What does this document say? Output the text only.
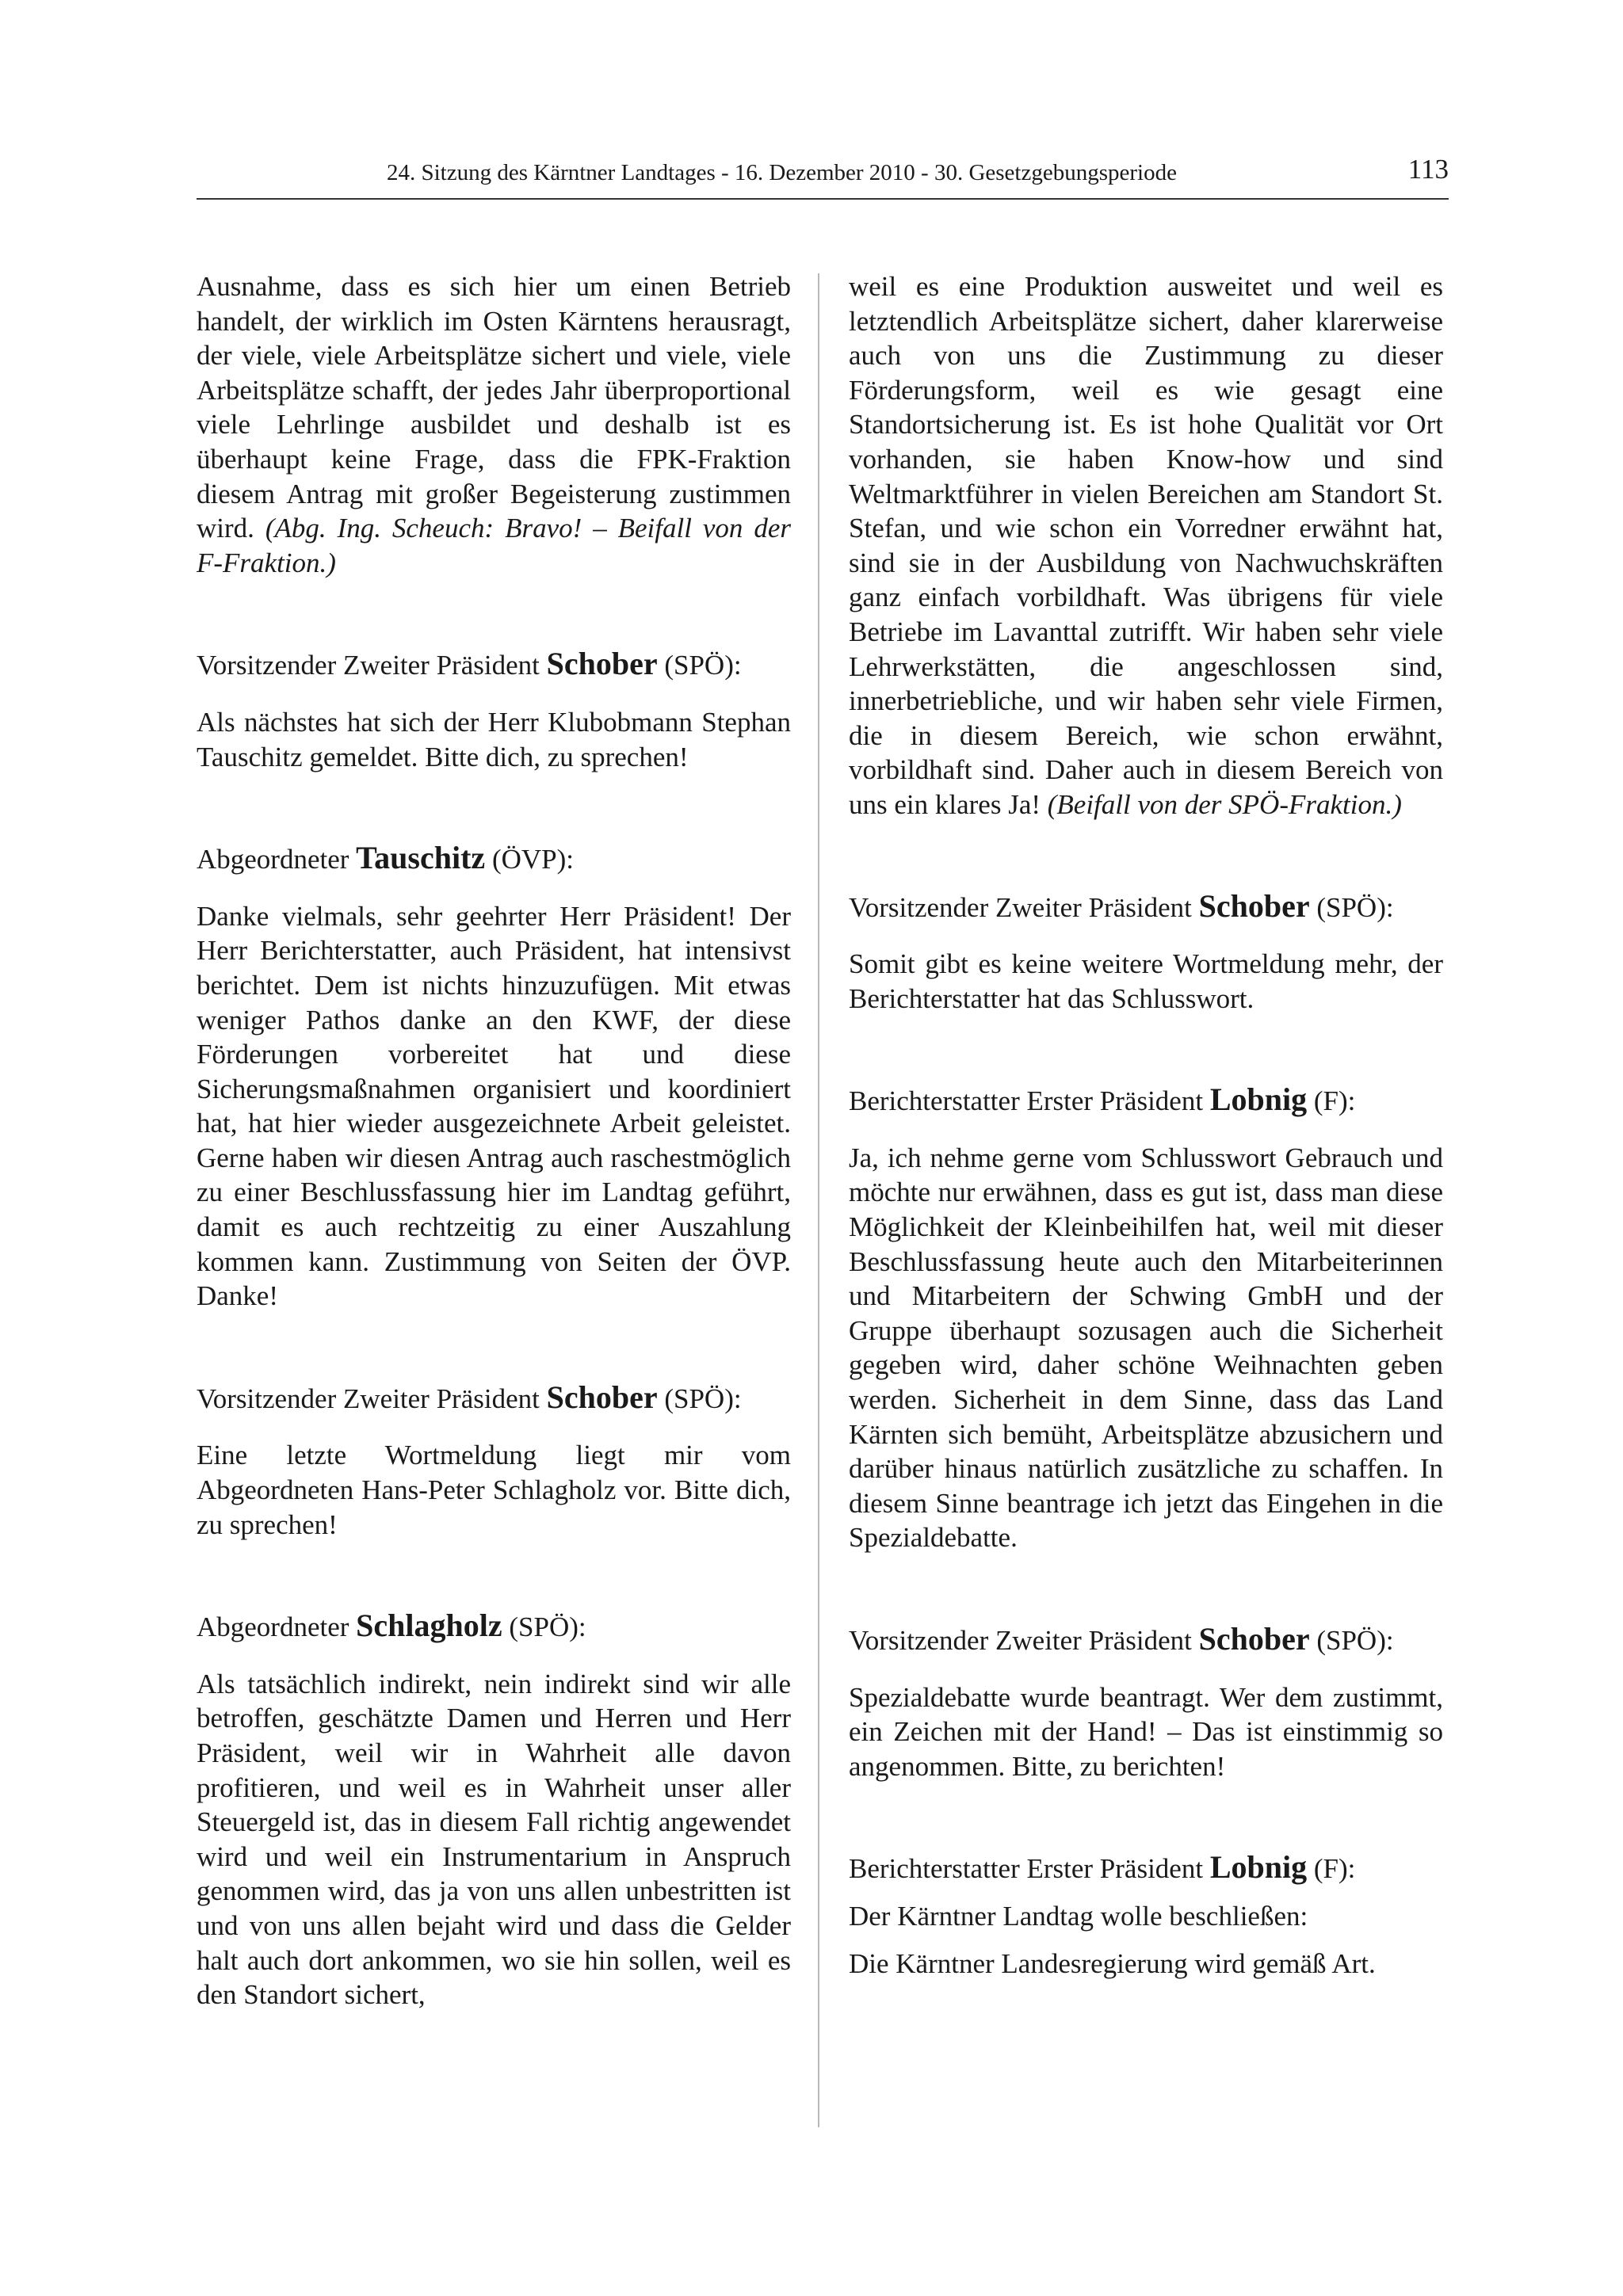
24. Sitzung des Kärntner Landtages - 16. Dezember 2010 - 30. Gesetzgebungsperiode	113

Ausnahme, dass es sich hier um einen Betrieb handelt, der wirklich im Osten Kärntens herausragt, der viele, viele Arbeitsplätze sichert und viele, viele Arbeitsplätze schafft, der jedes Jahr überproportional viele Lehrlinge ausbildet und deshalb ist es überhaupt keine Frage, dass die FPK-Fraktion diesem Antrag mit großer Begeisterung zustimmen wird. (Abg. Ing. Scheuch: Bravo! – Beifall von der F-Fraktion.)

Vorsitzender Zweiter Präsident Schober (SPÖ):

Als nächstes hat sich der Herr Klubobmann Stephan Tauschitz gemeldet. Bitte dich, zu sprechen!

Abgeordneter Tauschitz (ÖVP):

Danke vielmals, sehr geehrter Herr Präsident! Der Herr Berichterstatter, auch Präsident, hat intensivst berichtet. Dem ist nichts hinzuzufügen. Mit etwas weniger Pathos danke an den KWF, der diese Förderungen vorbereitet hat und diese Sicherungsmaßnahmen organisiert und koordiniert hat, hat hier wieder ausgezeichnete Arbeit geleistet. Gerne haben wir diesen Antrag auch raschestmöglich zu einer Beschlussfassung hier im Landtag geführt, damit es auch rechtzeitig zu einer Auszahlung kommen kann. Zustimmung von Seiten der ÖVP. Danke!

Vorsitzender Zweiter Präsident Schober (SPÖ):

Eine letzte Wortmeldung liegt mir vom Abgeordneten Hans-Peter Schlagholz vor. Bitte dich, zu sprechen!

Abgeordneter Schlagholz (SPÖ):

Als tatsächlich indirekt, nein indirekt sind wir alle betroffen, geschätzte Damen und Herren und Herr Präsident, weil wir in Wahrheit alle davon profitieren, und weil es in Wahrheit unser aller Steuergeld ist, das in diesem Fall richtig angewendet wird und weil ein Instrumentarium in Anspruch genommen wird, das ja von uns allen unbestritten ist und von uns allen bejaht wird und dass die Gelder halt auch dort ankommen, wo sie hin sollen, weil es den Standort sichert,

weil es eine Produktion ausweitet und weil es letztendlich Arbeitsplätze sichert, daher klarerweise auch von uns die Zustimmung zu dieser Förderungsform, weil es wie gesagt eine Standortsicherung ist. Es ist hohe Qualität vor Ort vorhanden, sie haben Know-how und sind Weltmarktführer in vielen Bereichen am Standort St. Stefan, und wie schon ein Vorredner erwähnt hat, sind sie in der Ausbildung von Nachwuchskräften ganz einfach vorbildhaft. Was übrigens für viele Betriebe im Lavanttal zutrifft. Wir haben sehr viele Lehrwerkstätten, die angeschlossen sind, innerbetriebliche, und wir haben sehr viele Firmen, die in diesem Bereich, wie schon erwähnt, vorbildhaft sind. Daher auch in diesem Bereich von uns ein klares Ja! (Beifall von der SPÖ-Fraktion.)

Vorsitzender Zweiter Präsident Schober (SPÖ):

Somit gibt es keine weitere Wortmeldung mehr, der Berichterstatter hat das Schlusswort.

Berichterstatter Erster Präsident Lobnig (F):

Ja, ich nehme gerne vom Schlusswort Gebrauch und möchte nur erwähnen, dass es gut ist, dass man diese Möglichkeit der Kleinbeihilfen hat, weil mit dieser Beschlussfassung heute auch den Mitarbeiterinnen und Mitarbeitern der Schwing GmbH und der Gruppe überhaupt sozusagen auch die Sicherheit gegeben wird, daher schöne Weihnachten geben werden. Sicherheit in dem Sinne, dass das Land Kärnten sich bemüht, Arbeitsplätze abzusichern und darüber hinaus natürlich zusätzliche zu schaffen. In diesem Sinne beantrage ich jetzt das Eingehen in die Spezialdebatte.

Vorsitzender Zweiter Präsident Schober (SPÖ):

Spezialdebatte wurde beantragt. Wer dem zustimmt, ein Zeichen mit der Hand! – Das ist einstimmig so angenommen. Bitte, zu berichten!

Berichterstatter Erster Präsident Lobnig (F):

Der Kärntner Landtag wolle beschließen:

Die Kärntner Landesregierung wird gemäß Art.
